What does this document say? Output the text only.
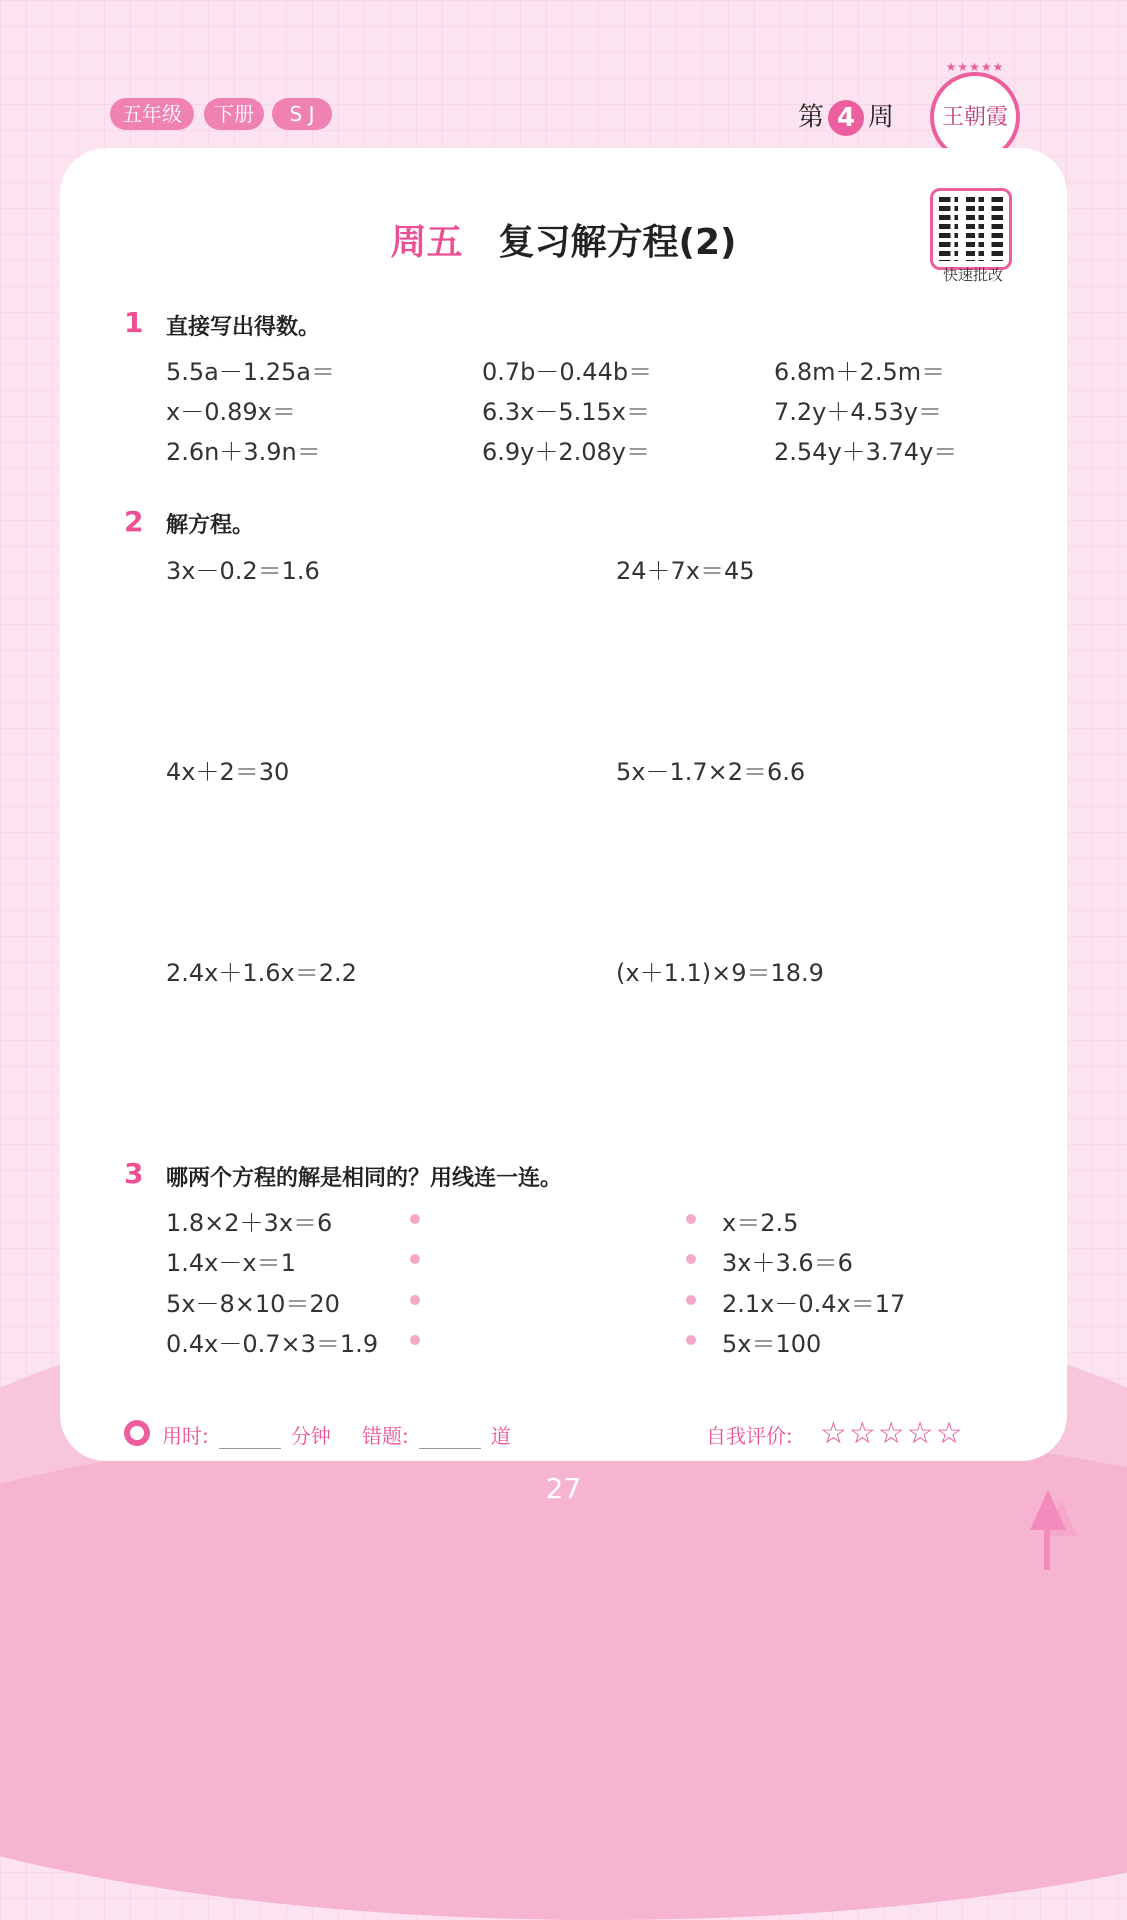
五年级	下册	S J	第 4 周
★★★★★
王朝霞
周五 复习解方程(2)
快速批改
1 直接写出得数。
5.5a－1.25a＝	0.7b－0.44b＝	6.8m＋2.5m＝
x－0.89x＝	6.3x－5.15x＝	7.2y＋4.53y＝
2.6n＋3.9n＝	6.9y＋2.08y＝	2.54y＋3.74y＝
2 解方程。
3x－0.2＝1.6	24＋7x＝45
4x＋2＝30	5x－1.7×2＝6.6
2.4x＋1.6x＝2.2	(x＋1.1)×9＝18.9
3 哪两个方程的解是相同的？用线连一连。
1.8×2＋3x＝6
1.4x－x＝1
5x－8×10＝20
0.4x－0.7×3＝1.9
x＝2.5
3x＋3.6＝6
2.1x－0.4x＝17
5x＝100
用时:	分钟 错题:	道	自我评价: ☆☆☆☆☆
27
